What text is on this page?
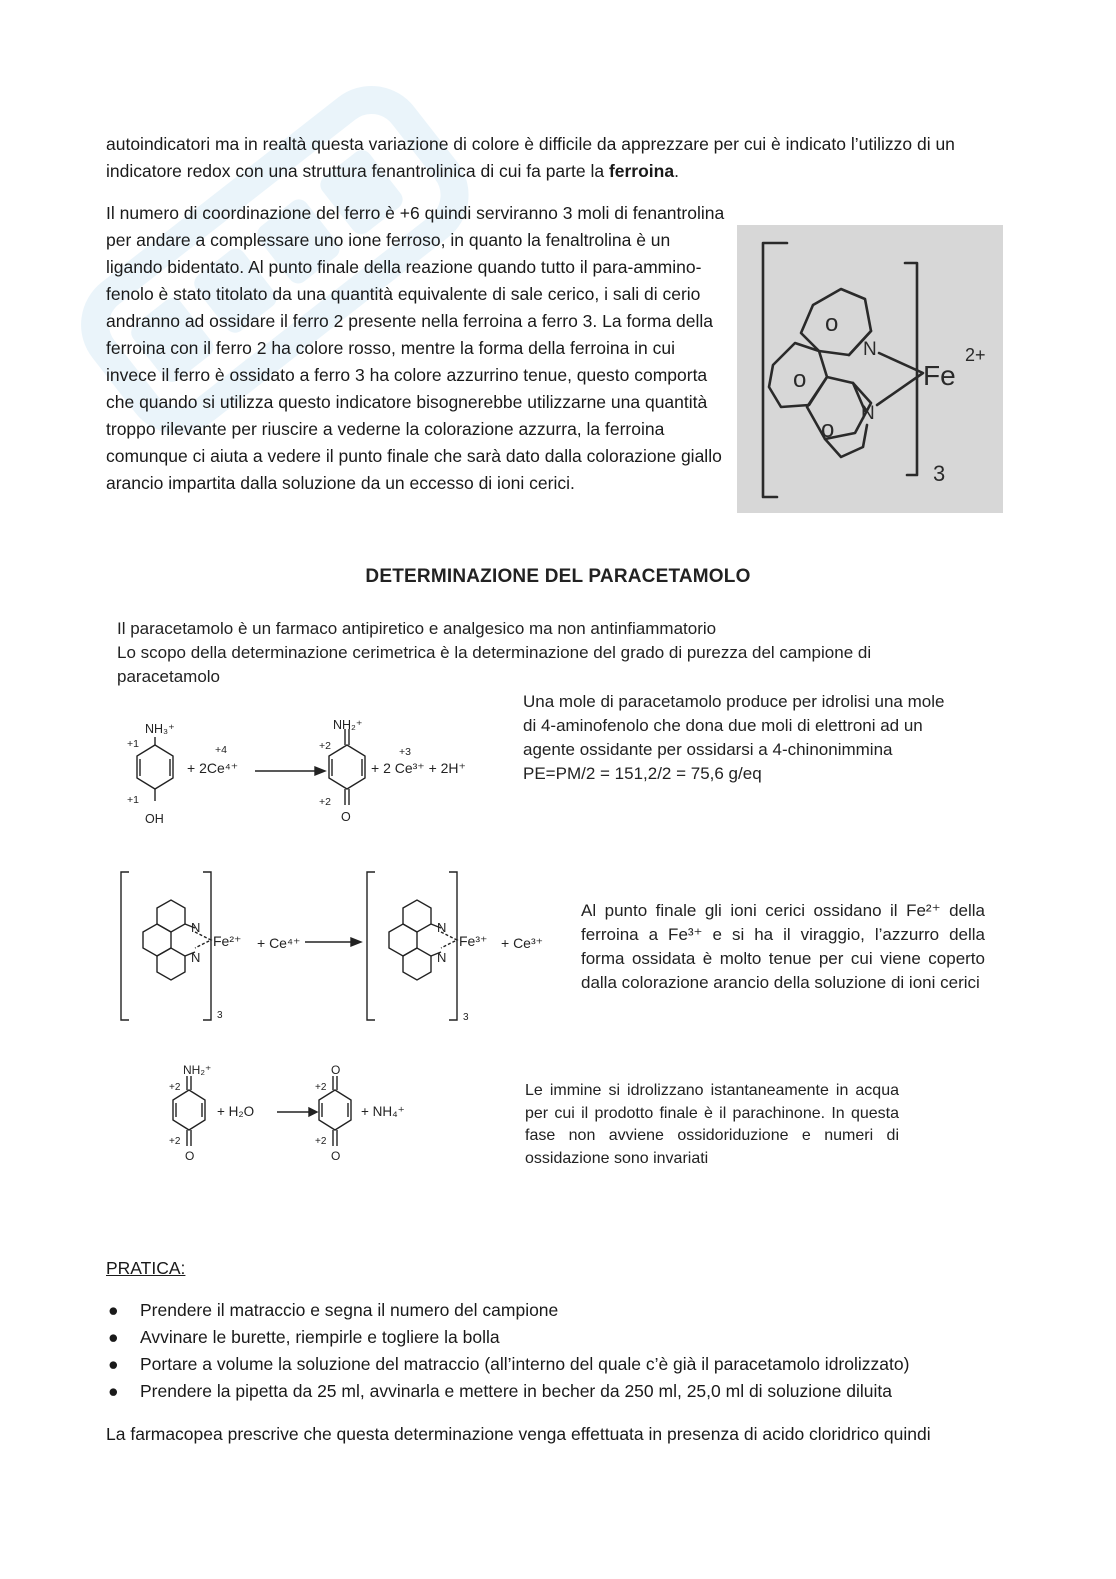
autoindicatori ma in realtà questa variazione di colore è difficile da apprezzare per cui è indicato l’utilizzo di un indicatore redox con una struttura fenantrolinica di cui fa parte la ferroina.

Il numero di coordinazione del ferro è +6 quindi serviranno 3 moli di fenantrolina per andare a complessare uno ione ferroso, in quanto la fenaltrolina è un ligando bidentato. Al punto finale della reazione quando tutto il para-ammino-fenolo è stato titolato da una quantità equivalente di sale cerico, i sali di cerio andranno ad ossidare il ferro 2 presente nella ferroina a ferro 3. La forma della ferroina con il ferro 2 ha colore rosso, mentre la forma della ferroina in cui invece il ferro è ossidato a ferro 3 ha colore azzurrino tenue, questo comporta che quando si utilizza questo indicatore bisognerebbe utilizzarne una quantità troppo rilevante per riuscire a vederne la colorazione azzurra, la ferroina comunque ci aiuta a vedere il punto finale che sarà dato dalla colorazione giallo arancio impartita dalla soluzione da un eccesso di ioni cerici.

o
o
o
N
N
Fe
2+
3
DETERMINAZIONE DEL PARACETAMOLO

Il paracetamolo è un farmaco antipiretico e analgesico ma non antinfiammatorio
Lo scopo della determinazione cerimetrica è la determinazione del grado di purezza del campione di paracetamolo

NH₃⁺
+1
+1
OH
+4
+ 2Ce⁴⁺
NH₂⁺
+2
+2
O
+3
+ 2 Ce³⁺ + 2H⁺

Una mole di paracetamolo produce per idrolisi una mole
di 4-aminofenolo che dona due moli di elettroni ad un
agente ossidante per ossidarsi a 4-chinonimmina
PE=PM/2 = 151,2/2 = 75,6 g/eq

N
N
Fe²⁺ + Ce⁴⁺
3
N
N
Fe³⁺ + Ce³⁺
3

Al punto finale gli ioni cerici ossidano il Fe²⁺ della ferroina a Fe³⁺ e si ha il viraggio, l’azzurro della forma ossidata è molto tenue per cui viene coperto dalla colorazione arancio della soluzione di ioni cerici

NH₂⁺
+2
+2
O
+ H₂O
O
+2
+2
O
+ NH₄⁺

Le immine si idrolizzano istantaneamente in acqua per cui il prodotto finale è il parachinone. In questa fase non avviene ossidoriduzione e numeri di ossidazione sono invariati

PRATICA:

● Prendere il matraccio e segna il numero del campione
● Avvinare le burette, riempirle e togliere la bolla
● Portare a volume la soluzione del matraccio (all’interno del quale c’è già il paracetamolo idrolizzato)
● Prendere la pipetta da 25 ml, avvinarla e mettere in becher da 250 ml, 25,0 ml di soluzione diluita

La farmacopea prescrive che questa determinazione venga effettuata in presenza di acido cloridrico quindi
